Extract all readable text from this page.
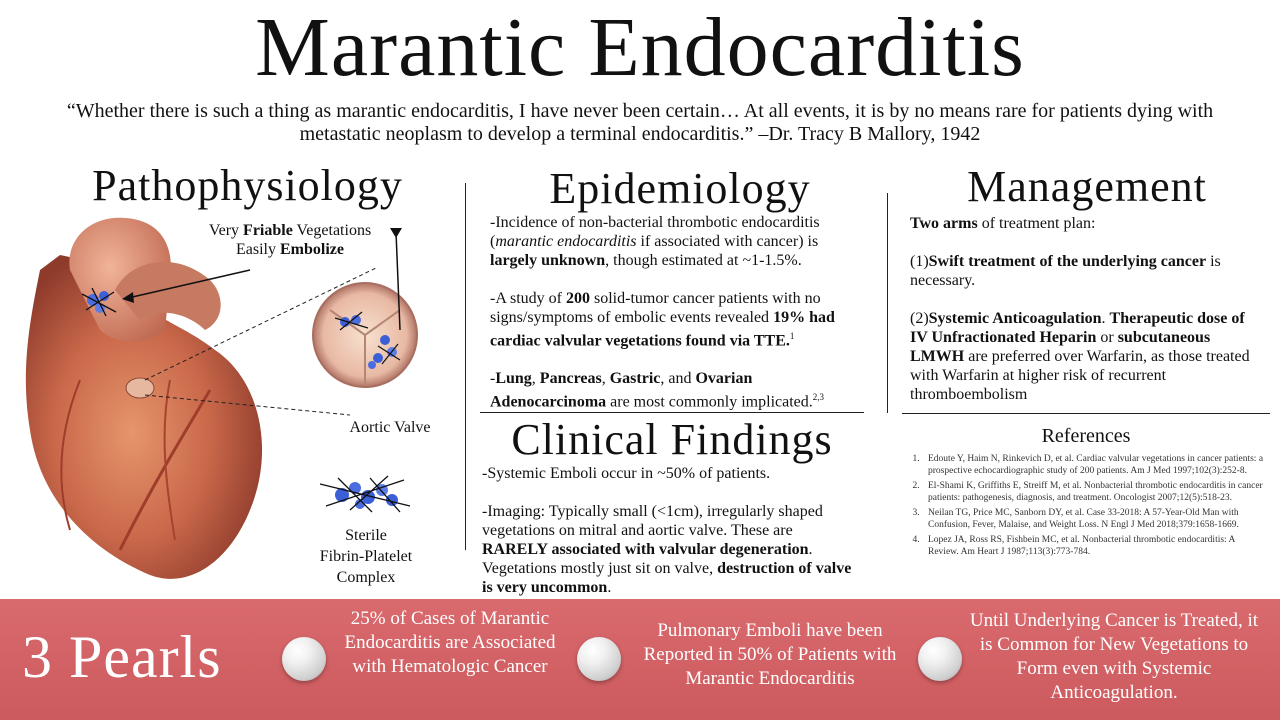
Marantic Endocarditis
“Whether there is such a thing as marantic endocarditis, I have never been certain… At all events, it is by no means rare for patients dying with metastatic neoplasm to develop a terminal endocarditis.” –Dr. Tracy B Mallory, 1942
Pathophysiology
Very Friable Vegetations
Easily Embolize
Aortic Valve
Sterile
Fibrin-Platelet
Complex
Epidemiology
-Incidence of non-bacterial thrombotic endocarditis (marantic endocarditis if associated with cancer) is largely unknown, though estimated at ~1-1.5%.
-A study of 200 solid-tumor cancer patients with no signs/symptoms of embolic events revealed 19% had cardiac valvular vegetations found via TTE.$^1$
-Lung, Pancreas, Gastric, and Ovarian Adenocarcinoma are most commonly implicated.$^{2,3}$
Clinical Findings
-Systemic Emboli occur in ~50% of patients.
-Imaging: Typically small (<1cm), irregularly shaped vegetations on mitral and aortic valve. These are RARELY associated with valvular degeneration. Vegetations mostly just sit on valve, destruction of valve is very uncommon.
Management
Two arms of treatment plan:
(1)Swift treatment of the underlying cancer is necessary.
(2)Systemic Anticoagulation. Therapeutic dose of IV Unfractionated Heparin or subcutaneous LMWH are preferred over Warfarin, as those treated with Warfarin at higher risk of recurrent thromboembolism
References
1. Edoute Y, Haim N, Rinkevich D, et al. Cardiac valvular vegetations in cancer patients: a prospective echocardiographic study of 200 patients. Am J Med 1997;102(3):252-8.
2. El-Shami K, Griffiths E, Streiff M, et al. Nonbacterial thrombotic endocarditis in cancer patients: pathogenesis, diagnosis, and treatment. Oncologist 2007;12(5):518-23.
3. Neilan TG, Price MC, Sanborn DY, et al. Case 33-2018: A 57-Year-Old Man with Confusion, Fever, Malaise, and Weight Loss. N Engl J Med 2018;379:1658-1669.
4. Lopez JA, Ross RS, Fishbein MC, et al. Nonbacterial thrombotic endocarditis: A Review. Am Heart J 1987;113(3):773-784.
3 Pearls
25% of Cases of Marantic Endocarditis are Associated with Hematologic Cancer
Pulmonary Emboli have been Reported in 50% of Patients with Marantic Endocarditis
Until Underlying Cancer is Treated, it is Common for New Vegetations to Form even with Systemic Anticoagulation.
